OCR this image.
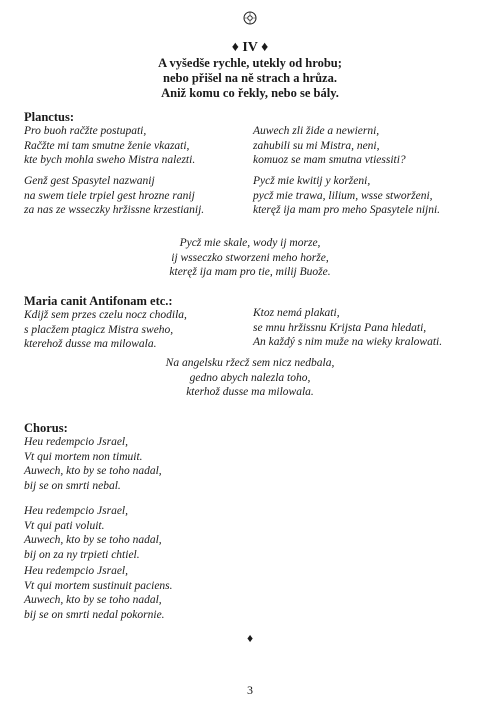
♦ IV ♦
A vyšedše rychle, utekly od hrobu;
nebo přišel na ně strach a hrůza.
Aniž komu co řekly, nebo se bály.
Planctus:
Pro buoh račžte postupati,
Račžte mi tam smutne ženie vkazati,
kte bych mohla sweho Mistra nalezti.
Genž gest Spasytel nazwanij
na swem tiele trpiel gest hrozne ranij
za nas ze wsseczky hržissne krzestianij.
Auwech zli žide a newierni,
zahubili su mi Mistra, neni,
komuoz se mam smutna vtiessiti?
Pycž mie kwitij y korženi,
pycž mie trawa, lilium, wsse stworženi,
kteręž ija mam pro meho Spasytele nijni.
Pycž mie skale, wody ij morze,
ij wsseczko stworzeni meho horže,
kteręž ija mam pro tie, milij Buože.
Maria canit Antifonam etc.:
Kdijž sem przes czelu nocz chodila,
s placžem ptagicz Mistra sweho,
kterehož dusse ma milowala.
Ktoz nemá plakati,
se mnu hržissnu Krijsta Pana hledati,
An každý s nim muže na wieky kralowati.
Na angelsku ržecž sem nicz nedbala,
gedno abych nalezla toho,
kterhož dusse ma milowala.
Chorus:
Heu redempcio Jsrael,
Vt qui mortem non timuit.
Auwech, kto by se toho nadal,
bij se on smrti nebal.
Heu redempcio Jsrael,
Vt qui pati voluit.
Auwech, kto by se toho nadal,
bij on za ny trpieti chtiel.
Heu redempcio Jsrael,
Vt qui mortem sustinuit paciens.
Auwech, kto by se toho nadal,
bij se on smrti nedal pokornie.
♦
3
